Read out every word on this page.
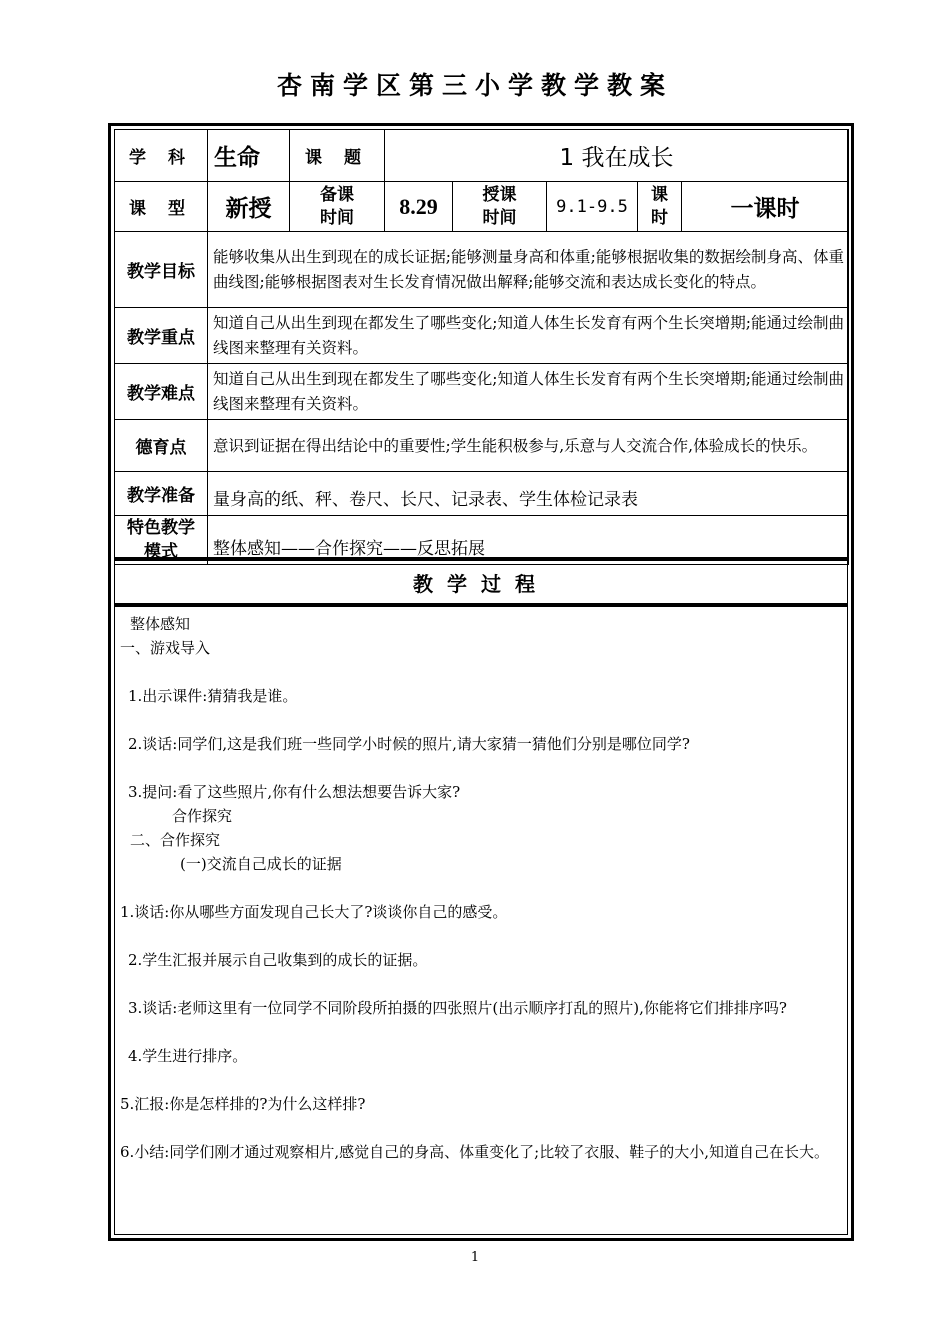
杏南学区第三小学教学教案
学 科	生命	课 题	1 我在成长				
课 型	新授	备课时间	8.29	授课时间	9.1-9.5	课时	一课时
教学目标	能够收集从出生到现在的成长证据;能够测量身高和体重;能够根据收集的数据绘制身高、体重曲线图;能够根据图表对生长发育情况做出解释;能够交流和表达成长变化的特点。						
教学重点	知道自己从出生到现在都发生了哪些变化;知道人体生长发育有两个生长突增期;能通过绘制曲线图来整理有关资料。						
教学难点	知道自己从出生到现在都发生了哪些变化;知道人体生长发育有两个生长突增期;能通过绘制曲线图来整理有关资料。						
德育点	意识到证据在得出结论中的重要性;学生能积极参与,乐意与人交流合作,体验成长的快乐。						
教学准备	量身高的纸、秤、卷尺、长尺、记录表、学生体检记录表						
特色教学模式	整体感知——合作探究——反思拓展						
教学过程

整体感知

一、游戏导入

1.出示课件:猜猜我是谁。

2.谈话:同学们,这是我们班一些同学小时候的照片,请大家猜一猜他们分别是哪位同学?

3.提问:看了这些照片,你有什么想法想要告诉大家?

合作探究

二、合作探究

(一)交流自己成长的证据

1.谈话:你从哪些方面发现自己长大了?谈谈你自己的感受。

2.学生汇报并展示自己收集到的成长的证据。

3.谈话:老师这里有一位同学不同阶段所拍摄的四张照片(出示顺序打乱的照片),你能将它们排排序吗?

4.学生进行排序。

5.汇报:你是怎样排的?为什么这样排?

6.小结:同学们刚才通过观察相片,感觉自己的身高、体重变化了;比较了衣服、鞋子的大小,知道自己在长大。

1
